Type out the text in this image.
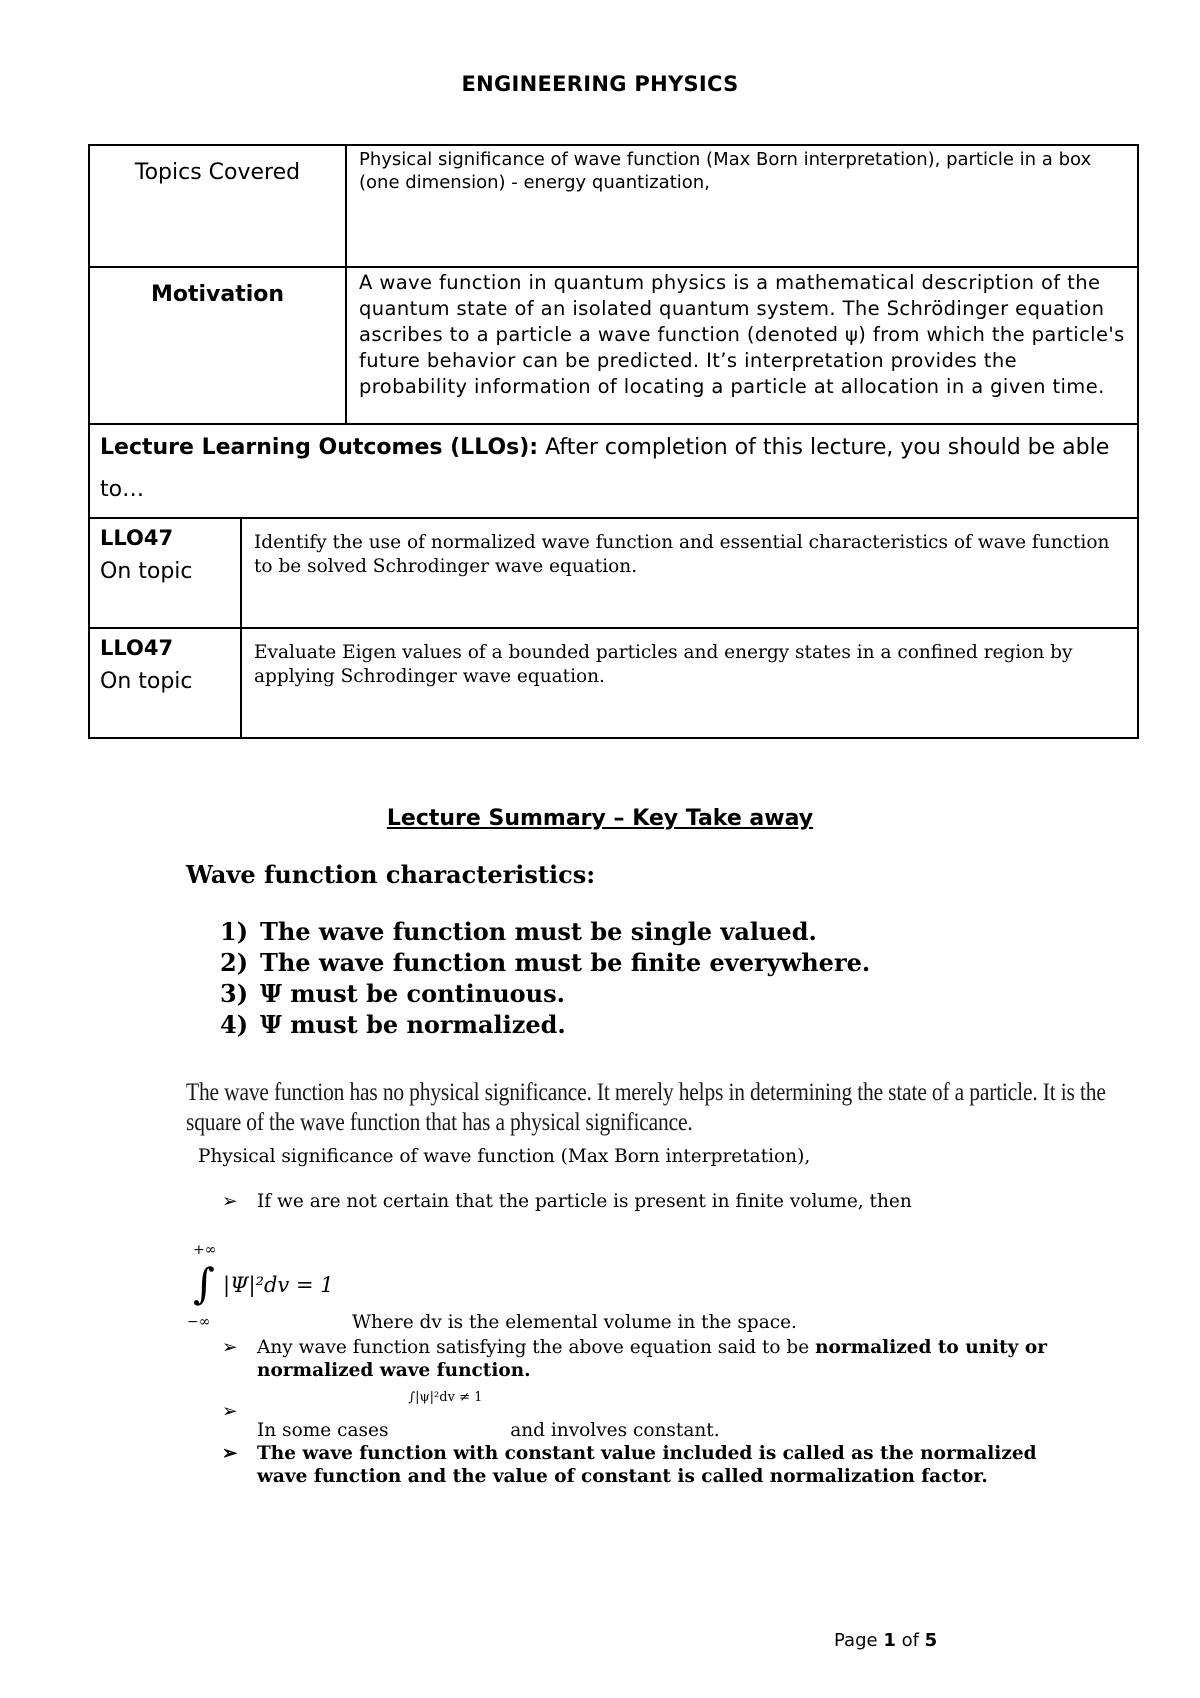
ENGINEERING PHYSICS
Topics Covered		Physical significance of wave function (Max Born interpretation), particle in a box (one dimension) - energy quantization,
Motivation		A wave function in quantum physics is a mathematical description of the quantum state of an isolated quantum system. The Schrödinger equation ascribes to a particle a wave function (denoted ψ) from which the particle's future behavior can be predicted. It’s interpretation provides the probability information of locating a particle at allocation in a given time.
Lecture Learning Outcomes (LLOs): After completion of this lecture, you should be able to…		

LLO47
On topic	Identify the use of normalized wave function and essential characteristics of wave function to be solved Schrodinger wave equation.	

LLO47
On topic	Evaluate Eigen values of a bounded particles and energy states in a confined region by applying Schrodinger wave equation.	
Lecture Summary – Key Take away
Wave function characteristics:
1) The wave function must be single valued.
2) The wave function must be finite everywhere.
3) Ψ must be continuous.
4) Ψ must be normalized.
The wave function has no physical significance. It merely helps in determining the state of a particle. It is the square of the wave function that has a physical significance.
Physical significance of wave function (Max Born interpretation),
➢ If we are not certain that the particle is present in finite volume, then
+∞
∫
−∞
|Ψ|²dv = 1
Where dv is the elemental volume in the space.
➢ Any wave function satisfying the above equation said to be normalized to unity or normalized wave function.
➢
In some cases
∫|ψ|²dv ≠ 1
and involves constant.
➢ The wave function with constant value included is called as the normalized wave function and the value of constant is called normalization factor.
Page 1 of 5
